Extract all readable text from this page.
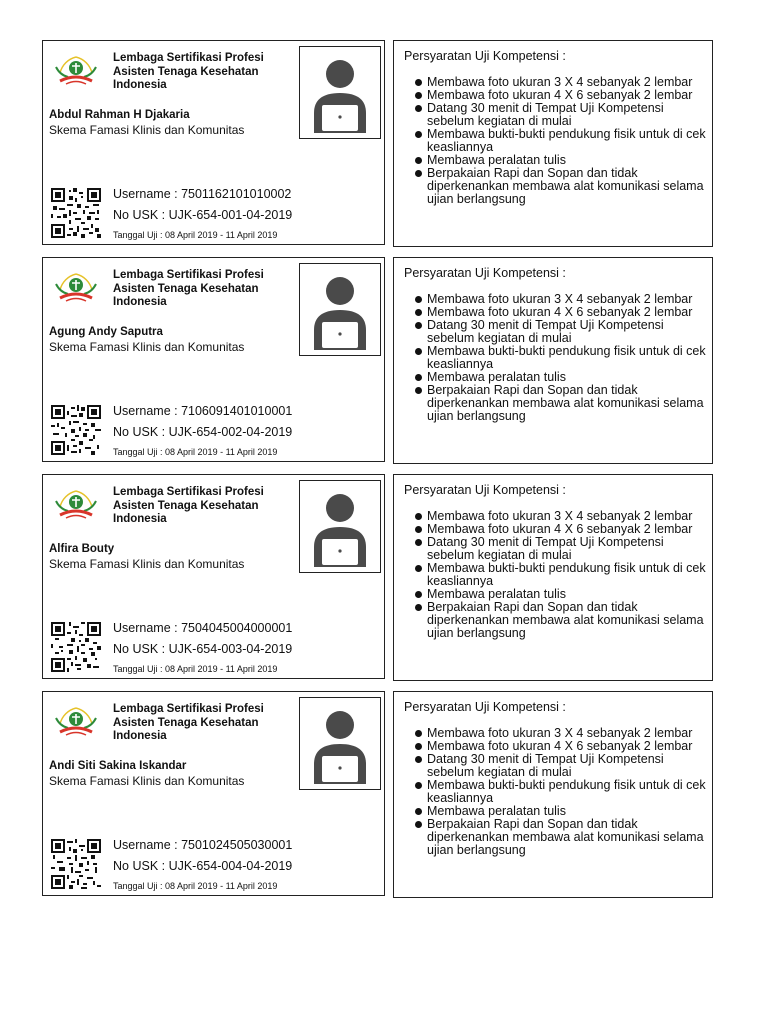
Lembaga Sertifikasi Profesi Asisten Tenaga Kesehatan Indonesia
Abdul Rahman H Djakaria
Skema Famasi Klinis dan Komunitas
Username : 7501162101010002
No USK : UJK-654-001-04-2019
Tanggal Uji : 08 April 2019 - 11 April 2019
Persyaratan Uji Kompetensi :
Membawa foto ukuran 3 X 4 sebanyak 2 lembar
Membawa foto ukuran 4 X 6 sebanyak 2 lembar
Datang 30 menit di Tempat Uji Kompetensi sebelum kegiatan di mulai
Membawa bukti-bukti pendukung fisik untuk di cek keasliannya
Membawa peralatan tulis
Berpakaian Rapi dan Sopan dan tidak diperkenankan membawa alat komunikasi selama ujian berlangsung
Lembaga Sertifikasi Profesi Asisten Tenaga Kesehatan Indonesia
Agung Andy Saputra
Skema Famasi Klinis dan Komunitas
Username : 7106091401010001
No USK : UJK-654-002-04-2019
Tanggal Uji : 08 April 2019 - 11 April 2019
Persyaratan Uji Kompetensi :
Membawa foto ukuran 3 X 4 sebanyak 2 lembar
Membawa foto ukuran 4 X 6 sebanyak 2 lembar
Datang 30 menit di Tempat Uji Kompetensi sebelum kegiatan di mulai
Membawa bukti-bukti pendukung fisik untuk di cek keasliannya
Membawa peralatan tulis
Berpakaian Rapi dan Sopan dan tidak diperkenankan membawa alat komunikasi selama ujian berlangsung
Lembaga Sertifikasi Profesi Asisten Tenaga Kesehatan Indonesia
Alfira Bouty
Skema Famasi Klinis dan Komunitas
Username : 7504045004000001
No USK : UJK-654-003-04-2019
Tanggal Uji : 08 April 2019 - 11 April 2019
Persyaratan Uji Kompetensi :
Membawa foto ukuran 3 X 4 sebanyak 2 lembar
Membawa foto ukuran 4 X 6 sebanyak 2 lembar
Datang 30 menit di Tempat Uji Kompetensi sebelum kegiatan di mulai
Membawa bukti-bukti pendukung fisik untuk di cek keasliannya
Membawa peralatan tulis
Berpakaian Rapi dan Sopan dan tidak diperkenankan membawa alat komunikasi selama ujian berlangsung
Lembaga Sertifikasi Profesi Asisten Tenaga Kesehatan Indonesia
Andi Siti Sakina Iskandar
Skema Famasi Klinis dan Komunitas
Username : 7501024505030001
No USK : UJK-654-004-04-2019
Tanggal Uji : 08 April 2019 - 11 April 2019
Persyaratan Uji Kompetensi :
Membawa foto ukuran 3 X 4 sebanyak 2 lembar
Membawa foto ukuran 4 X 6 sebanyak 2 lembar
Datang 30 menit di Tempat Uji Kompetensi sebelum kegiatan di mulai
Membawa bukti-bukti pendukung fisik untuk di cek keasliannya
Membawa peralatan tulis
Berpakaian Rapi dan Sopan dan tidak diperkenankan membawa alat komunikasi selama ujian berlangsung
